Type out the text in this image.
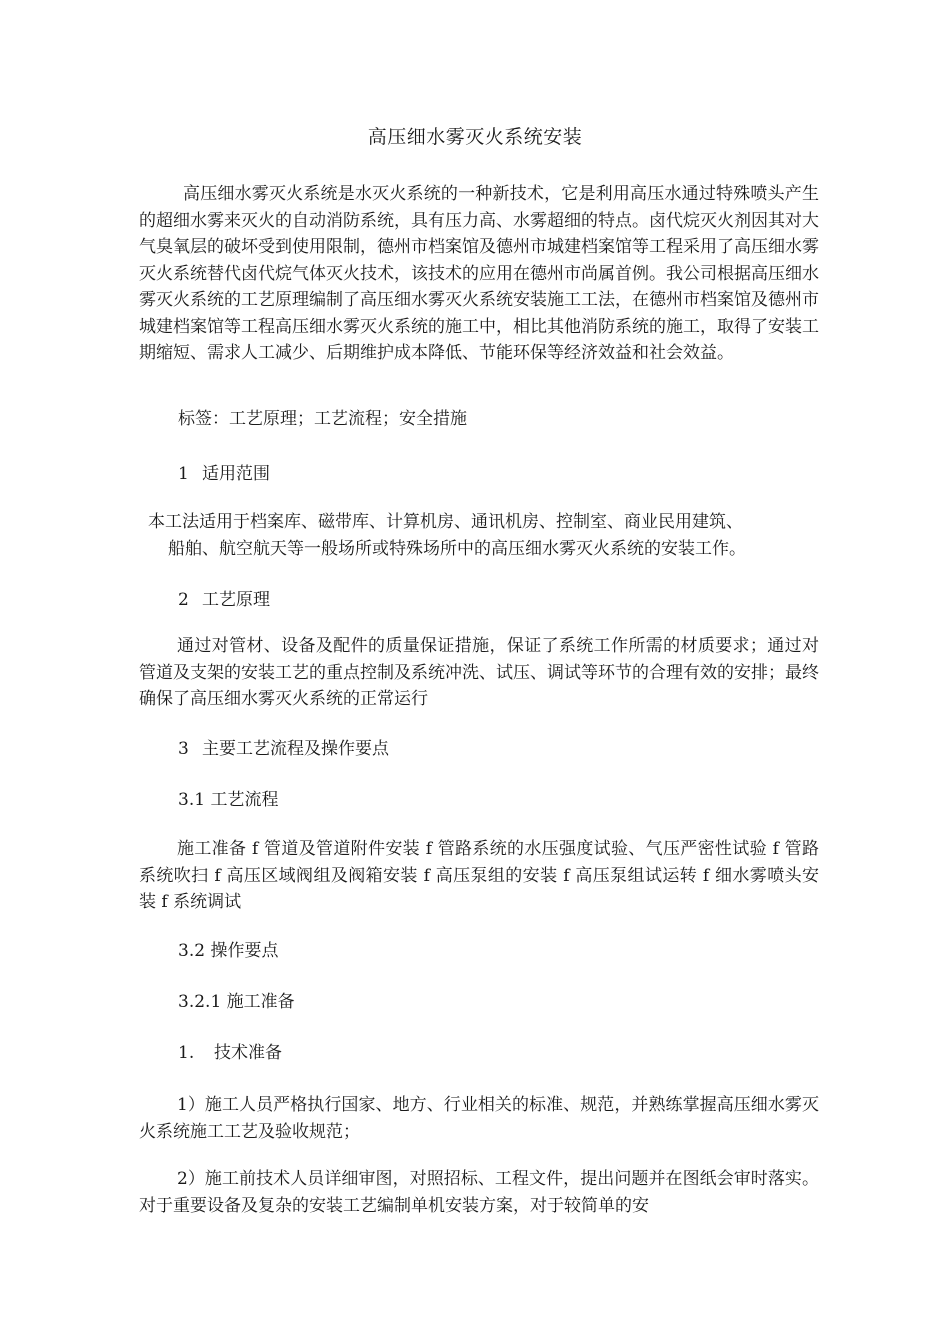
高压细水雾灭火系统安装

高压细水雾灭火系统是水灭火系统的一种新技术，它是利用高压水通过特殊喷头产生的超细水雾来灭火的自动消防系统，具有压力高、水雾超细的特点。卤代烷灭火剂因其对大气臭氧层的破坏受到使用限制，德州市档案馆及德州市城建档案馆等工程采用了高压细水雾灭火系统替代卤代烷气体灭火技术，该技术的应用在德州市尚属首例。我公司根据高压细水雾灭火系统的工艺原理编制了高压细水雾灭火系统安装施工工法，在德州市档案馆及德州市城建档案馆等工程高压细水雾灭火系统的施工中，相比其他消防系统的施工，取得了安装工期缩短、需求人工减少、后期维护成本降低、节能环保等经济效益和社会效益。

标签：工艺原理；工艺流程；安全措施

1 适用范围

本工法适用于档案库、磁带库、计算机房、通讯机房、控制室、商业民用建筑、
船舶、航空航天等一般场所或特殊场所中的高压细水雾灭火系统的安装工作。

2 工艺原理

通过对管材、设备及配件的质量保证措施，保证了系统工作所需的材质要求；通过对管道及支架的安装工艺的重点控制及系统冲洗、试压、调试等环节的合理有效的安排；最终确保了高压细水雾灭火系统的正常运行

3 主要工艺流程及操作要点

3.1 工艺流程

施工准备 f 管道及管道附件安装 f 管路系统的水压强度试验、气压严密性试验 f 管路系统吹扫 f 高压区域阀组及阀箱安装 f 高压泵组的安装 f 高压泵组试运转 f 细水雾喷头安装 f 系统调试

3.2 操作要点

3.2.1 施工准备

1. 技术准备

1）施工人员严格执行国家、地方、行业相关的标准、规范，并熟练掌握高压细水雾灭火系统施工工艺及验收规范；

2）施工前技术人员详细审图，对照招标、工程文件，提出问题并在图纸会审时落实。对于重要设备及复杂的安装工艺编制单机安装方案，对于较简单的安
